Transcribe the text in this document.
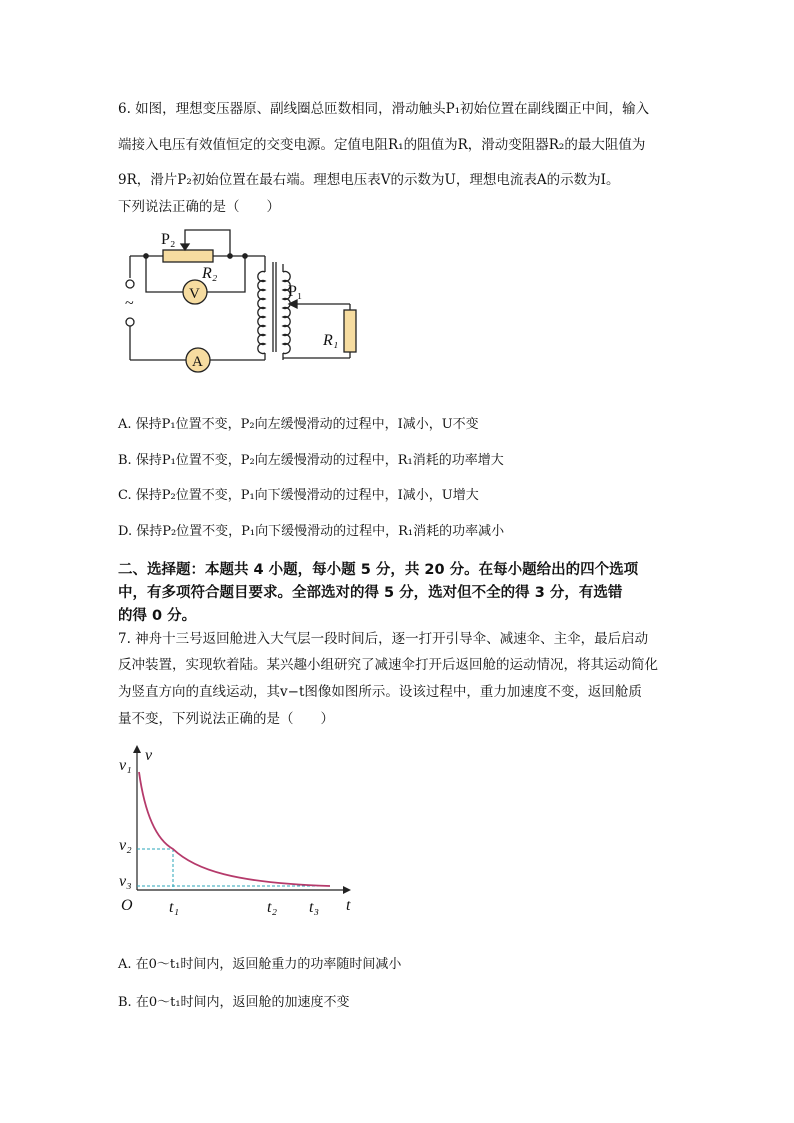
6. 如图，理想变压器原、副线圈总匝数相同，滑动触头P₁初始位置在副线圈正中间，输入
端接入电压有效值恒定的交变电源。定值电阻R₁的阻值为R，滑动变阻器R₂的最大阻值为
9R，滑片P₂初始位置在最右端。理想电压表V的示数为U，理想电流表A的示数为I。
下列说法正确的是（　　）
P₂
R₂
V
A
~
P₁
R₁
A. 保持P₁位置不变，P₂向左缓慢滑动的过程中，I减小，U不变
B. 保持P₁位置不变，P₂向左缓慢滑动的过程中，R₁消耗的功率增大
C. 保持P₂位置不变，P₁向下缓慢滑动的过程中，I减小，U增大
D. 保持P₂位置不变，P₁向下缓慢滑动的过程中，R₁消耗的功率减小
二、选择题：本题共 4 小题，每小题 5 分，共 20 分。在每小题给出的四个选项
中，有多项符合题目要求。全部选对的得 5 分，选对但不全的得 3 分，有选错
的得 0 分。
7. 神舟十三号返回舱进入大气层一段时间后，逐一打开引导伞、减速伞、主伞，最后启动
反冲装置，实现软着陆。某兴趣小组研究了减速伞打开后返回舱的运动情况，将其运动简化
为竖直方向的直线运动，其v−t图像如图所示。设该过程中，重力加速度不变，返回舱质
量不变，下列说法正确的是（　　）
v
v₁
v₂
v₃
O t₁	t₂ t₃ t
A. 在0～t₁时间内，返回舱重力的功率随时间减小
B. 在0～t₁时间内，返回舱的加速度不变
